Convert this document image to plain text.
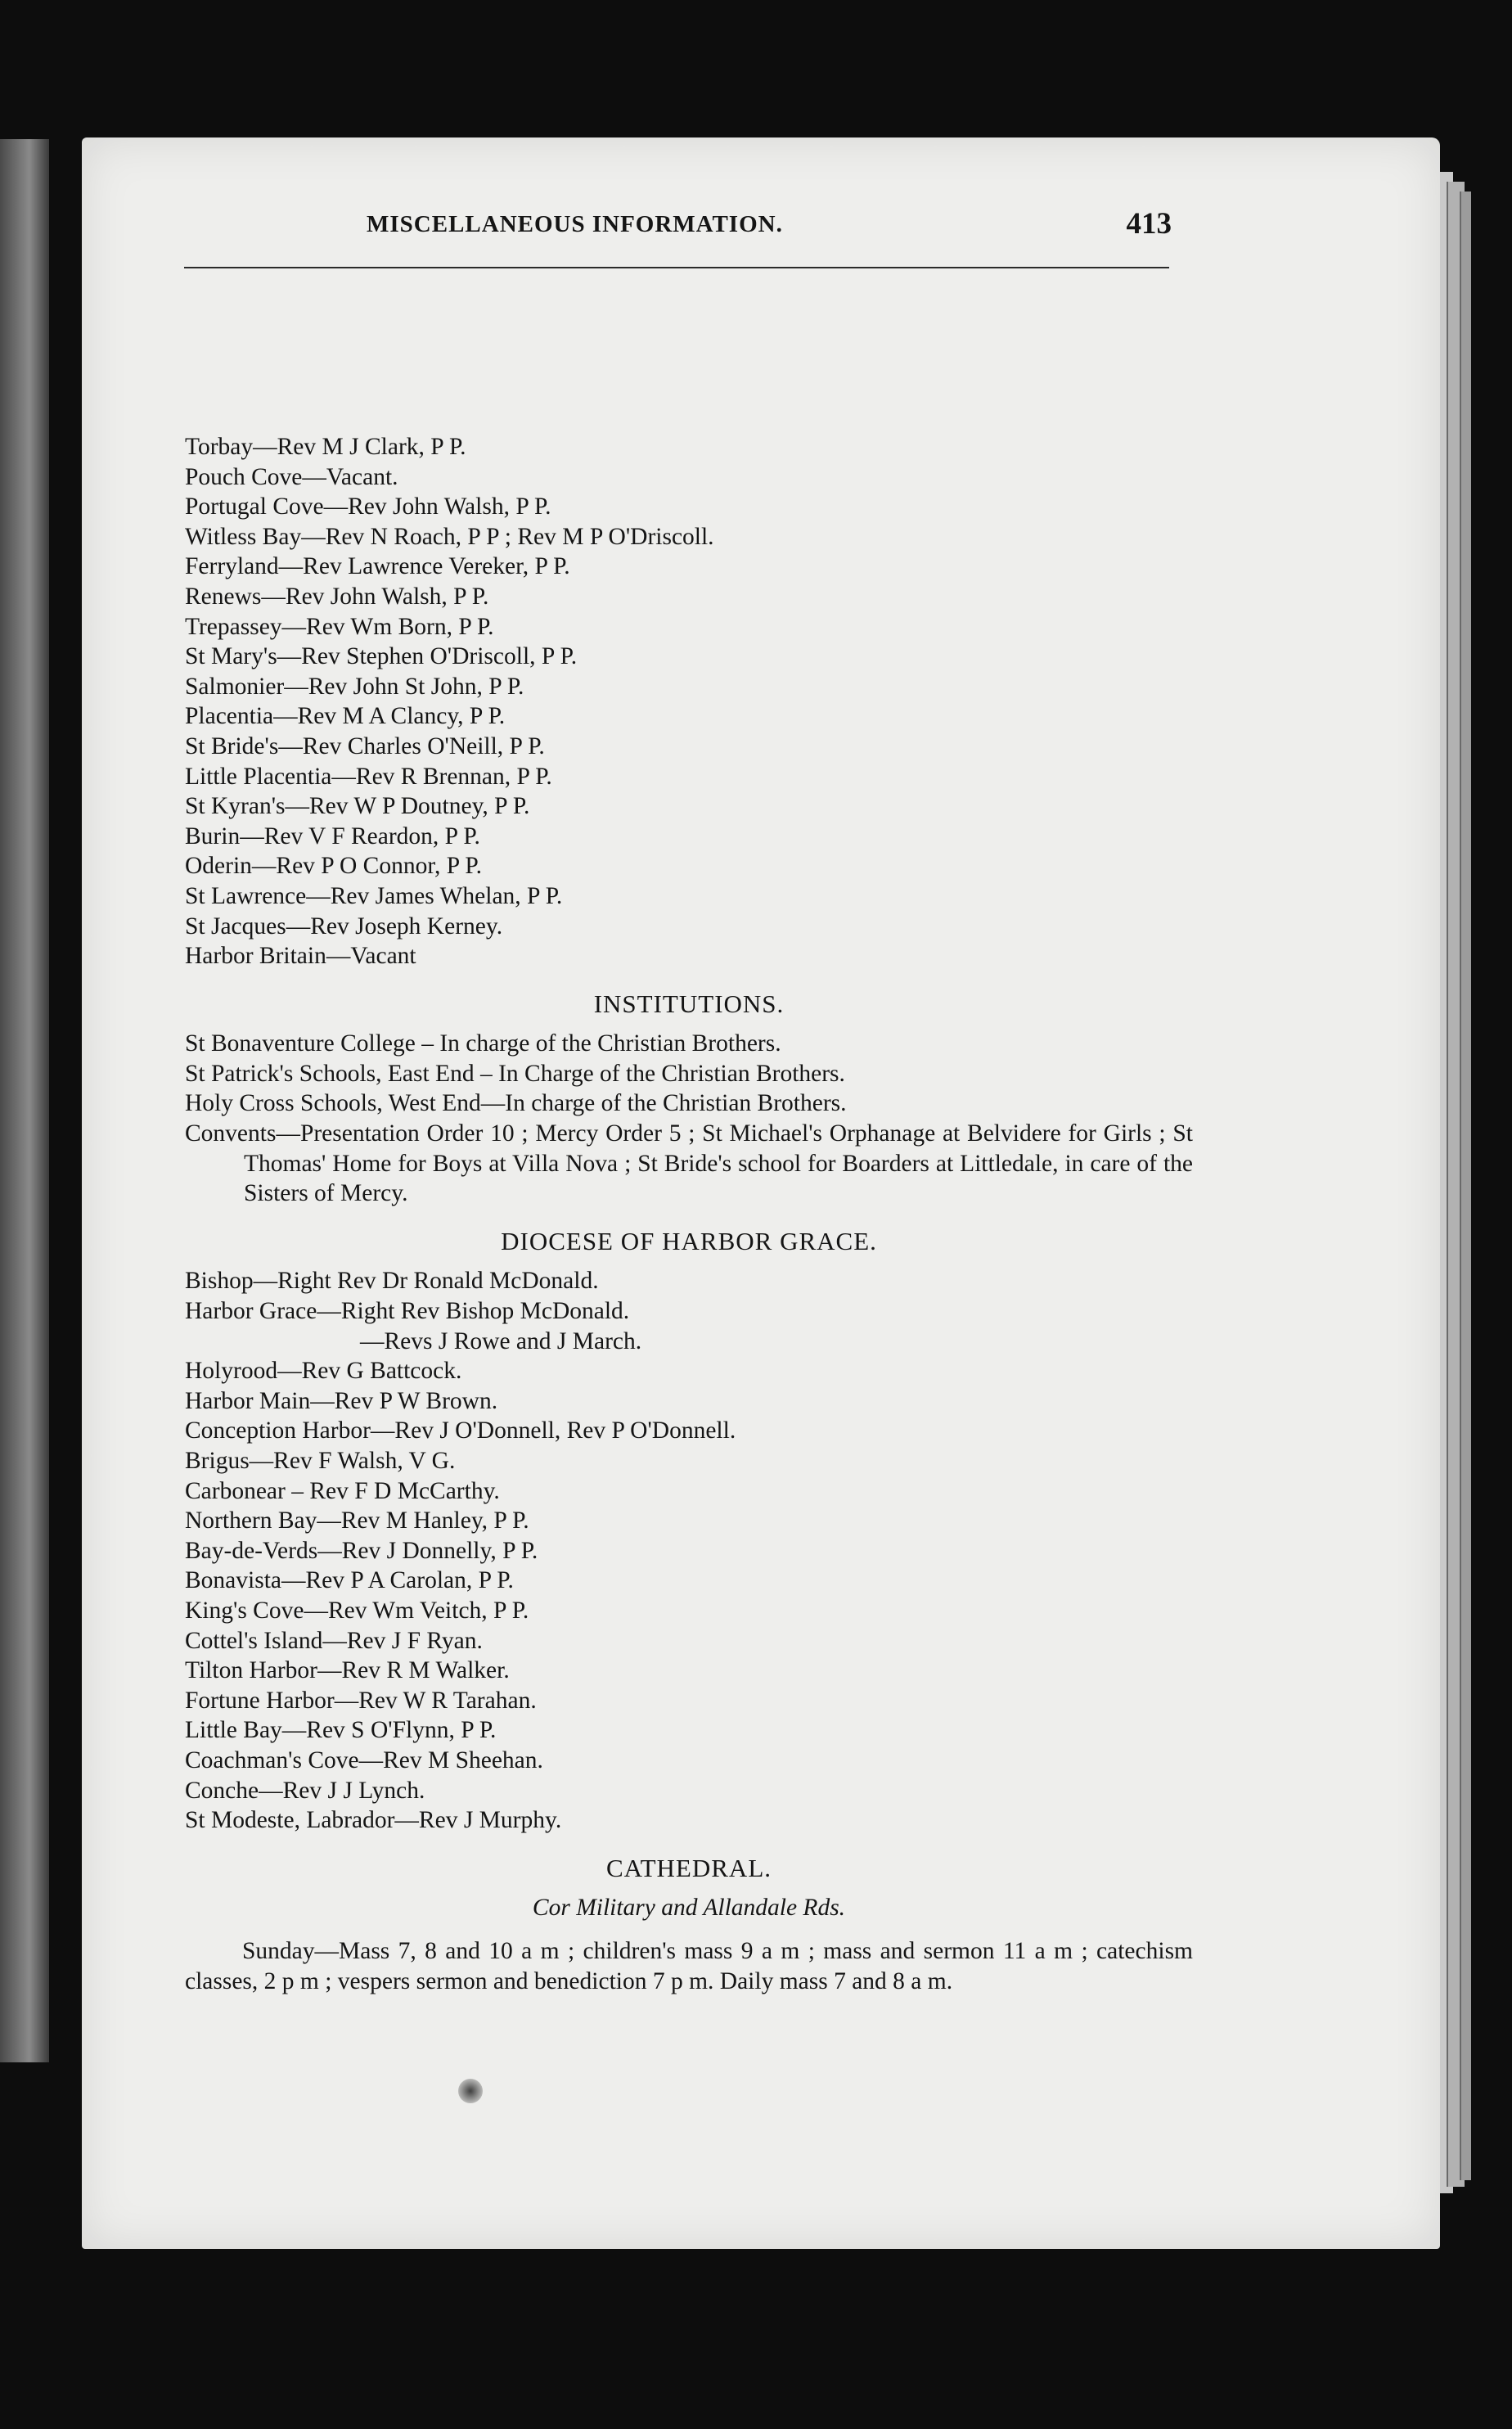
MISCELLANEOUS INFORMATION.	413
Torbay—Rev M J Clark, P P.
Pouch Cove—Vacant.
Portugal Cove—Rev John Walsh, P P.
Witless Bay—Rev N Roach, P P ; Rev M P O'Driscoll.
Ferryland—Rev Lawrence Vereker, P P.
Renews—Rev John Walsh, P P.
Trepassey—Rev Wm Born, P P.
St Mary's—Rev Stephen O'Driscoll, P P.
Salmonier—Rev John St John, P P.
Placentia—Rev M A Clancy, P P.
St Bride's—Rev Charles O'Neill, P P.
Little Placentia—Rev R Brennan, P P.
St Kyran's—Rev W P Doutney, P P.
Burin—Rev V F Reardon, P P.
Oderin—Rev P O Connor, P P.
St Lawrence—Rev James Whelan, P P.
St Jacques—Rev Joseph Kerney.
Harbor Britain—Vacant
INSTITUTIONS.
St Bonaventure College – In charge of the Christian Brothers.
St Patrick's Schools, East End – In Charge of the Christian Brothers.
Holy Cross Schools, West End—In charge of the Christian Brothers.
Convents—Presentation Order 10 ; Mercy Order 5 ; St Michael's Orphanage at Belvidere for Girls ; St Thomas' Home for Boys at Villa Nova ; St Bride's school for Boarders at Littledale, in care of the Sisters of Mercy.
DIOCESE OF HARBOR GRACE.
Bishop—Right Rev Dr Ronald McDonald.
Harbor Grace—Right Rev Bishop McDonald.
—Revs J Rowe and J March.
Holyrood—Rev G Battcock.
Harbor Main—Rev P W Brown.
Conception Harbor—Rev J O'Donnell, Rev P O'Donnell.
Brigus—Rev F Walsh, V G.
Carbonear – Rev F D McCarthy.
Northern Bay—Rev M Hanley, P P.
Bay-de-Verds—Rev J Donnelly, P P.
Bonavista—Rev P A Carolan, P P.
King's Cove—Rev Wm Veitch, P P.
Cottel's Island—Rev J F Ryan.
Tilton Harbor—Rev R M Walker.
Fortune Harbor—Rev W R Tarahan.
Little Bay—Rev S O'Flynn, P P.
Coachman's Cove—Rev M Sheehan.
Conche—Rev J J Lynch.
St Modeste, Labrador—Rev J Murphy.
CATHEDRAL.
Cor Military and Allandale Rds.
Sunday—Mass 7, 8 and 10 a m ; children's mass 9 a m ; mass and sermon 11 a m ; catechism classes, 2 p m ; vespers sermon and benediction 7 p m. Daily mass 7 and 8 a m.
